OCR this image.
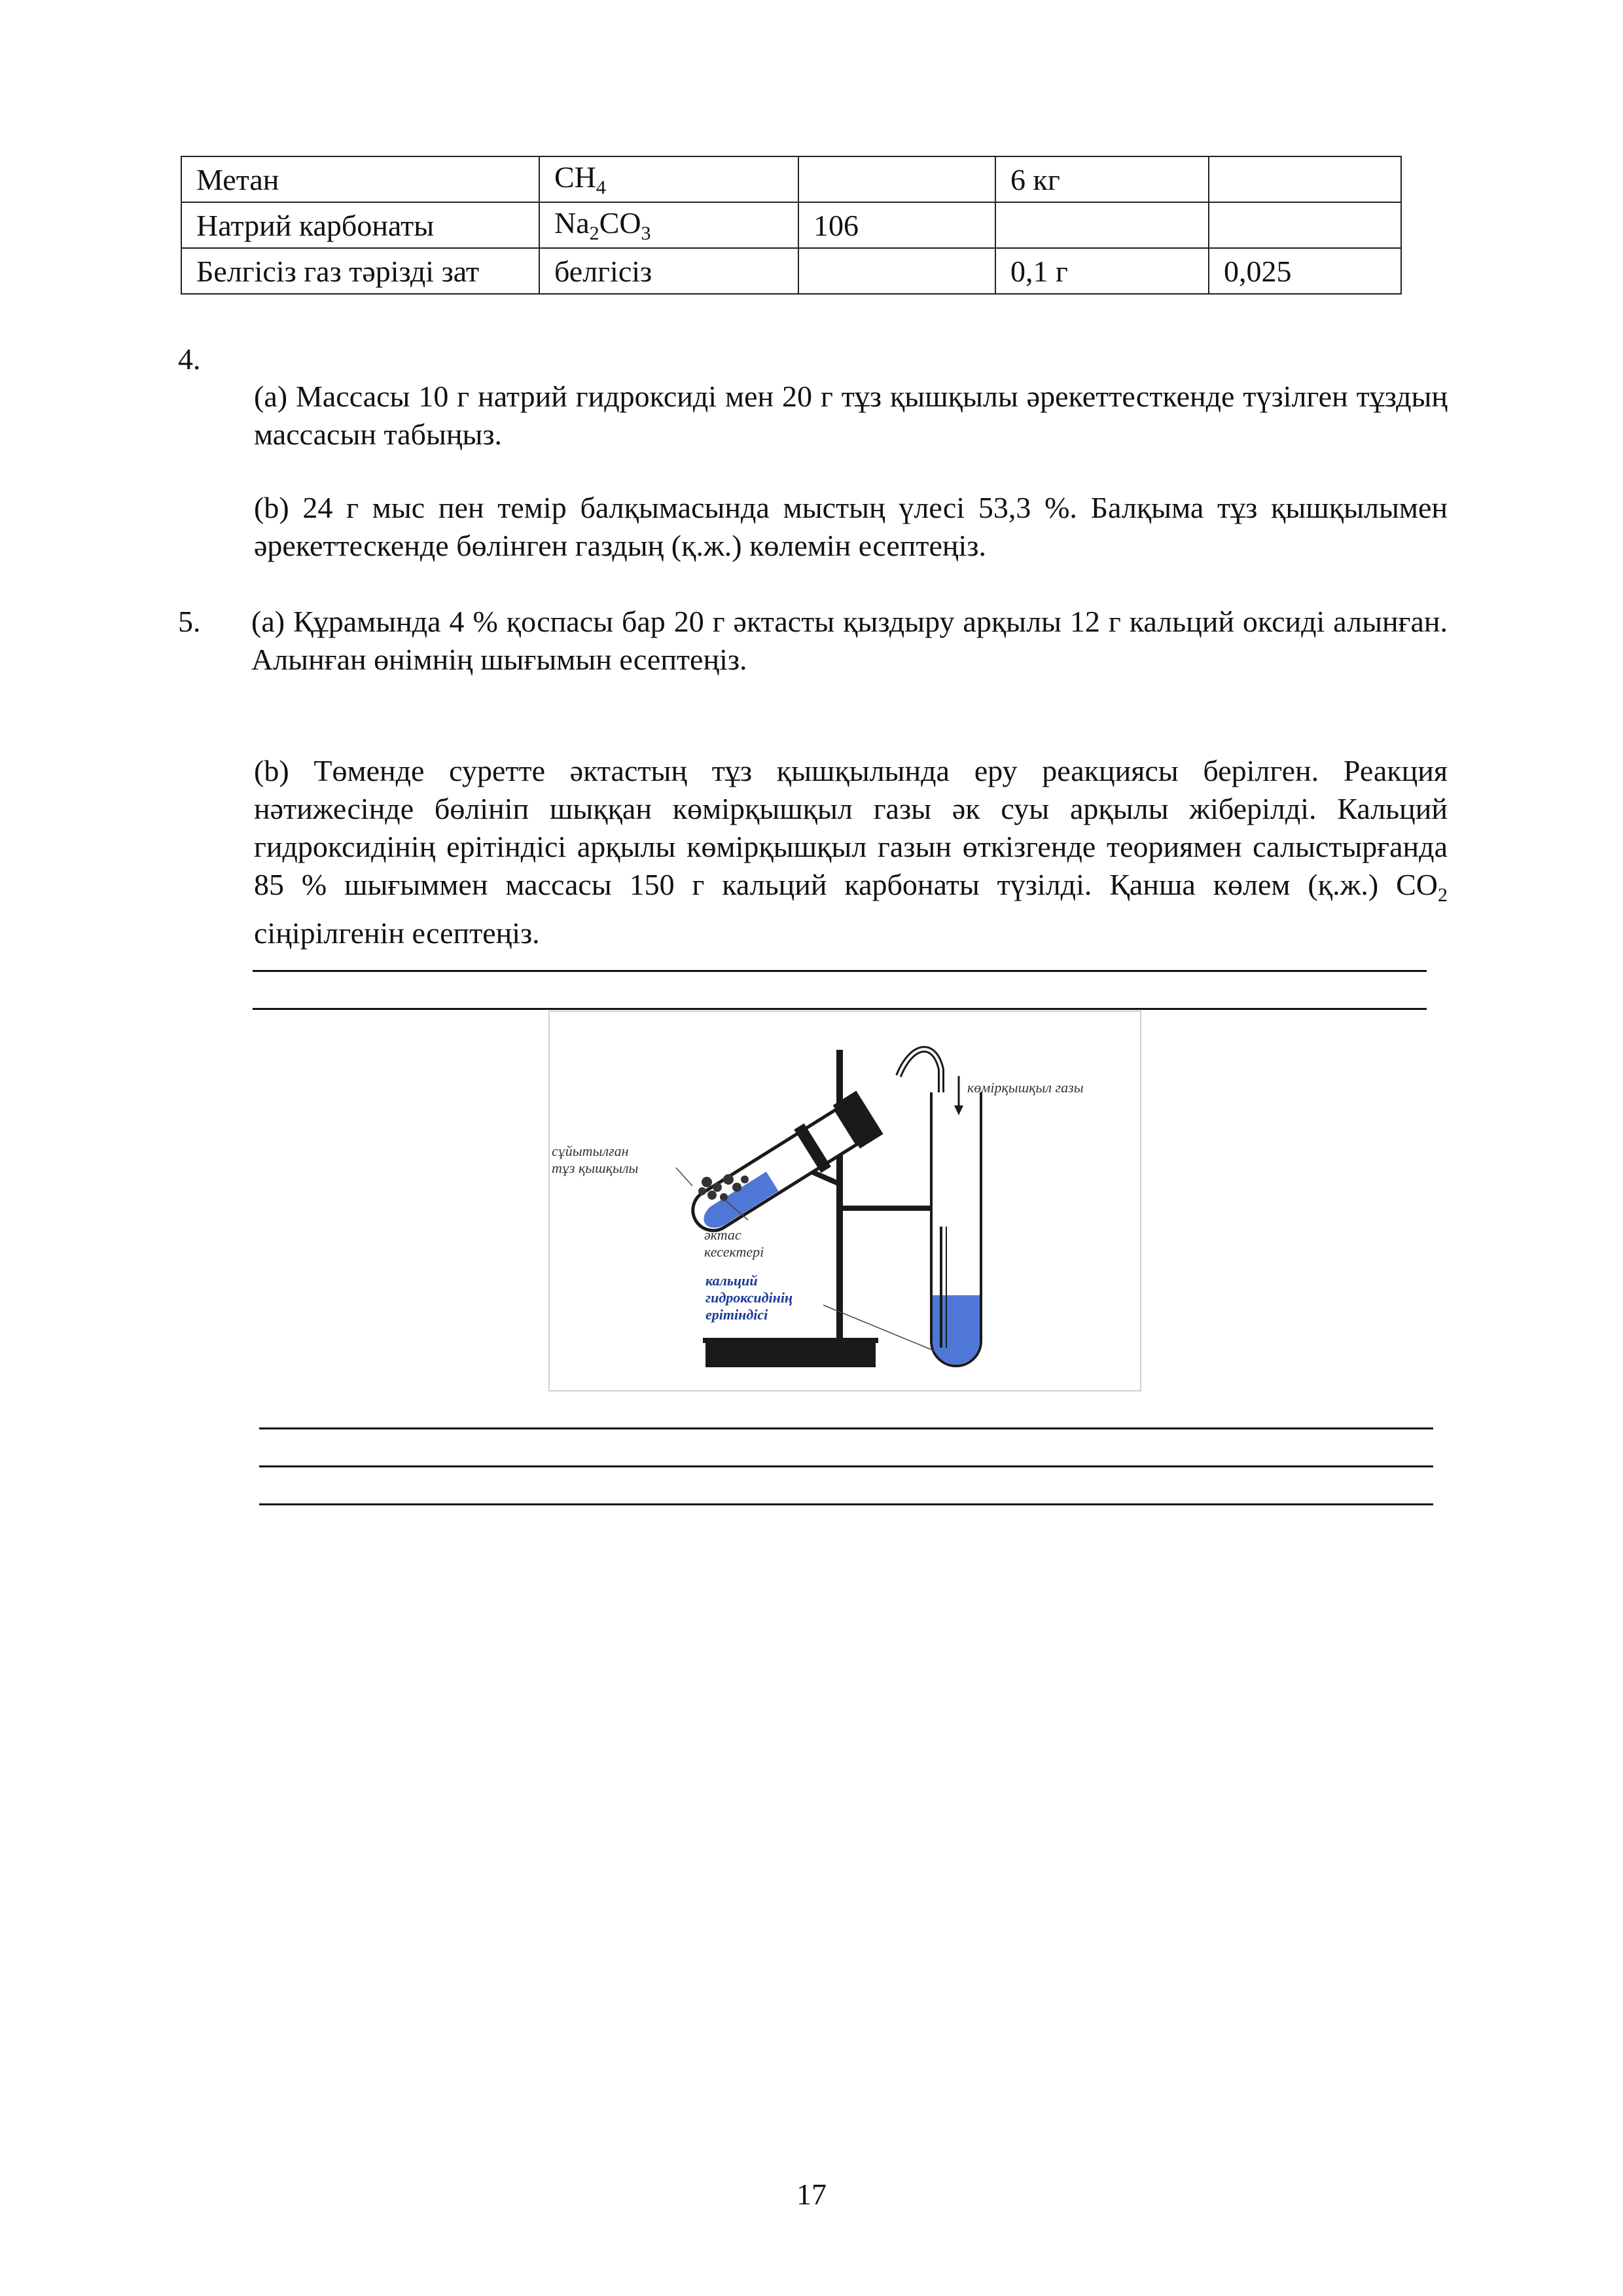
Метан	$CH_4$		6 кг	
Натрий карбонаты	$Na_2CO_3$	106		
Белгісіз газ тәрізді зат	белгісіз		0,1 г	0,025
4.
(a) Массасы 10 г натрий гидроксиді мен 20 г тұз қышқылы әрекеттесткенде түзілген тұздың массасын табыңыз.
(b) 24 г мыс пен темір балқымасында мыстың үлесі 53,3 %. Балқыма тұз қышқылымен әрекеттескенде бөлінген газдың (қ.ж.) көлемін есептеңіз.
5. (a) Құрамында 4 % қоспасы бар 20 г әктасты қыздыру арқылы 12 г кальций оксиді алынған. Алынған өнімнің шығымын есептеңіз.
(b) Төменде суретте әктастың тұз қышқылында еру реакциясы берілген. Реакция нәтижесінде бөлініп шыққан көмірқышқыл газы әк суы арқылы жіберілді. Кальций гидроксидінің ерітіндісі арқылы көмірқышқыл газын өткізгенде теориямен салыстырғанда 85 % шығыммен массасы 150 г кальций карбонаты түзілді. Қанша көлем (қ.ж.) $CO_2$ сіңірілгенін есептеңіз.
көмірқышқыл газы
сұйытылған
тұз қышқылы
әктас
кесектері
кальций
гидроксидінің
ерітіндісі
17
